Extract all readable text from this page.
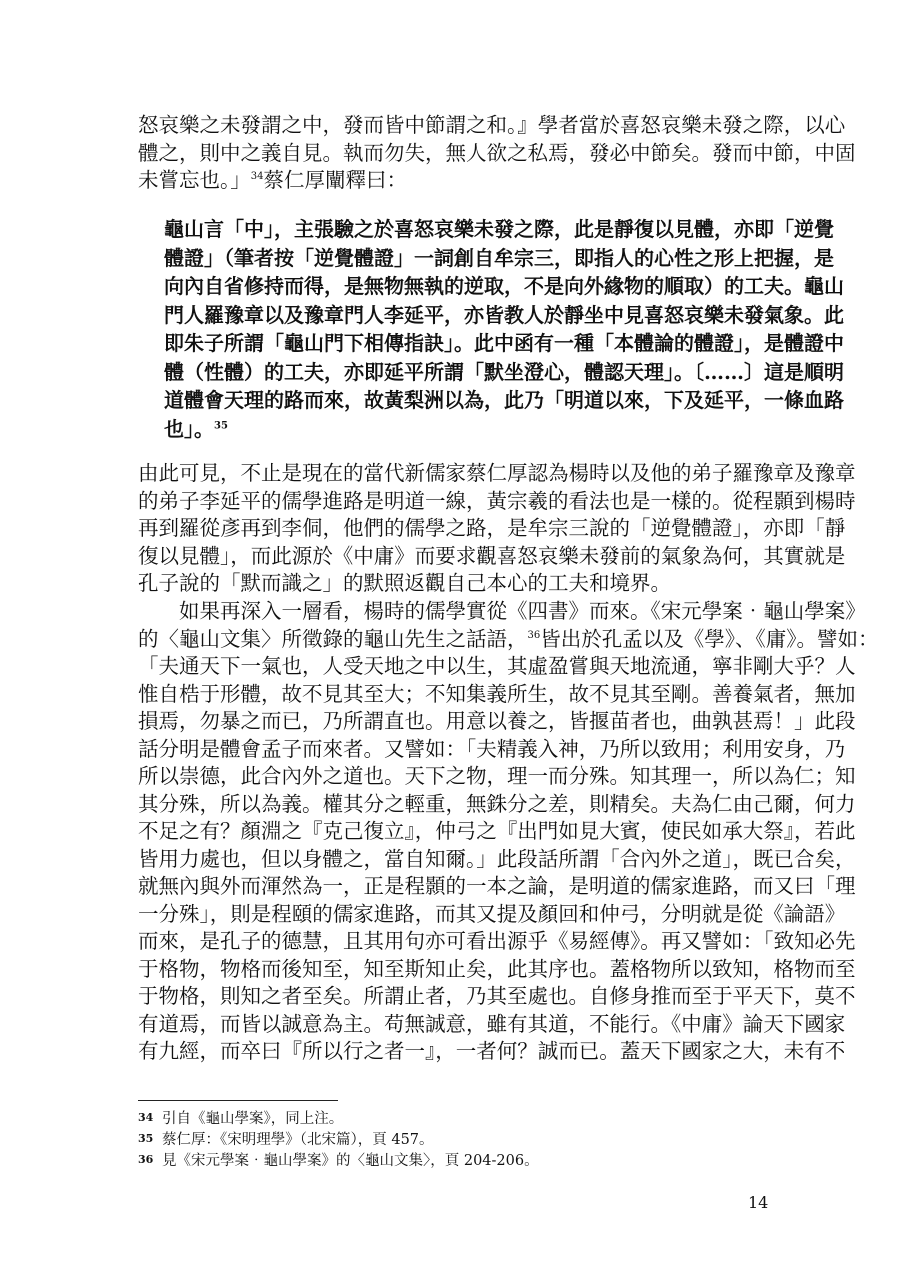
怒哀樂之未發謂之中，發而皆中節謂之和。』學者當於喜怒哀樂未發之際，以心
體之，則中之義自見。執而勿失，無人欲之私焉，發必中節矣。發而中節，中固
未嘗忘也。」$^{34}$蔡仁厚闡釋曰：
龜山言「中」，主張驗之於喜怒哀樂未發之際，此是靜復以見體，亦即「逆覺
體證」（筆者按「逆覺體證」一詞創自牟宗三，即指人的心性之形上把握，是
向內自省修持而得，是無物無執的逆取，不是向外緣物的順取）的工夫。龜山
門人羅豫章以及豫章門人李延平，亦皆教人於靜坐中見喜怒哀樂未發氣象。此
即朱子所謂「龜山門下相傳指訣」。此中函有一種「本體論的體證」，是體證中
體（性體）的工夫，亦即延平所謂「默坐澄心，體認天理」。〔……〕這是順明
道體會天理的路而來，故黃梨洲以為，此乃「明道以來，下及延平，一條血路
也」。$^{35}$
由此可見，不止是現在的當代新儒家蔡仁厚認為楊時以及他的弟子羅豫章及豫章
的弟子李延平的儒學進路是明道一線，黃宗羲的看法也是一樣的。從程顥到楊時
再到羅從彥再到李侗，他們的儒學之路，是牟宗三說的「逆覺體證」，亦即「靜
復以見體」，而此源於《中庸》而要求觀喜怒哀樂未發前的氣象為何，其實就是
孔子說的「默而識之」的默照返觀自己本心的工夫和境界。
　　如果再深入一層看，楊時的儒學實從《四書》而來。《宋元學案‧龜山學案》
的〈龜山文集〉所徵錄的龜山先生之話語，$^{36}$皆出於孔孟以及《學》、《庸》。譬如：
「夫通天下一氣也，人受天地之中以生，其虛盈嘗與天地流通，寧非剛大乎？人
惟自梏于形體，故不見其至大；不知集義所生，故不見其至剛。善養氣者，無加
損焉，勿暴之而已，乃所謂直也。用意以養之，皆揠苗者也，曲孰甚焉！」此段
話分明是體會孟子而來者。又譬如：「夫精義入神，乃所以致用；利用安身，乃
所以崇德，此合內外之道也。天下之物，理一而分殊。知其理一，所以為仁；知
其分殊，所以為義。權其分之輕重，無銖分之差，則精矣。夫為仁由己爾，何力
不足之有？顏淵之『克己復立』，仲弓之『出門如見大賓，使民如承大祭』，若此
皆用力處也，但以身體之，當自知爾。」此段話所謂「合內外之道」，既已合矣，
就無內與外而渾然為一，正是程顥的一本之論，是明道的儒家進路，而又曰「理
一分殊」，則是程頤的儒家進路，而其又提及顏回和仲弓，分明就是從《論語》
而來，是孔子的德慧，且其用句亦可看出源乎《易經傳》。再又譬如：「致知必先
于格物，物格而後知至，知至斯知止矣，此其序也。蓋格物所以致知，格物而至
于物格，則知之者至矣。所謂止者，乃其至處也。自修身推而至于平天下，莫不
有道焉，而皆以誠意為主。苟無誠意，雖有其道，不能行。《中庸》論天下國家
有九經，而卒曰『所以行之者一』，一者何？誠而已。蓋天下國家之大，未有不
34 引自《龜山學案》，同上注。
35 蔡仁厚：《宋明理學》（北宋篇），頁 457。
36 見《宋元學案‧龜山學案》的〈龜山文集〉，頁 204-206。
14
